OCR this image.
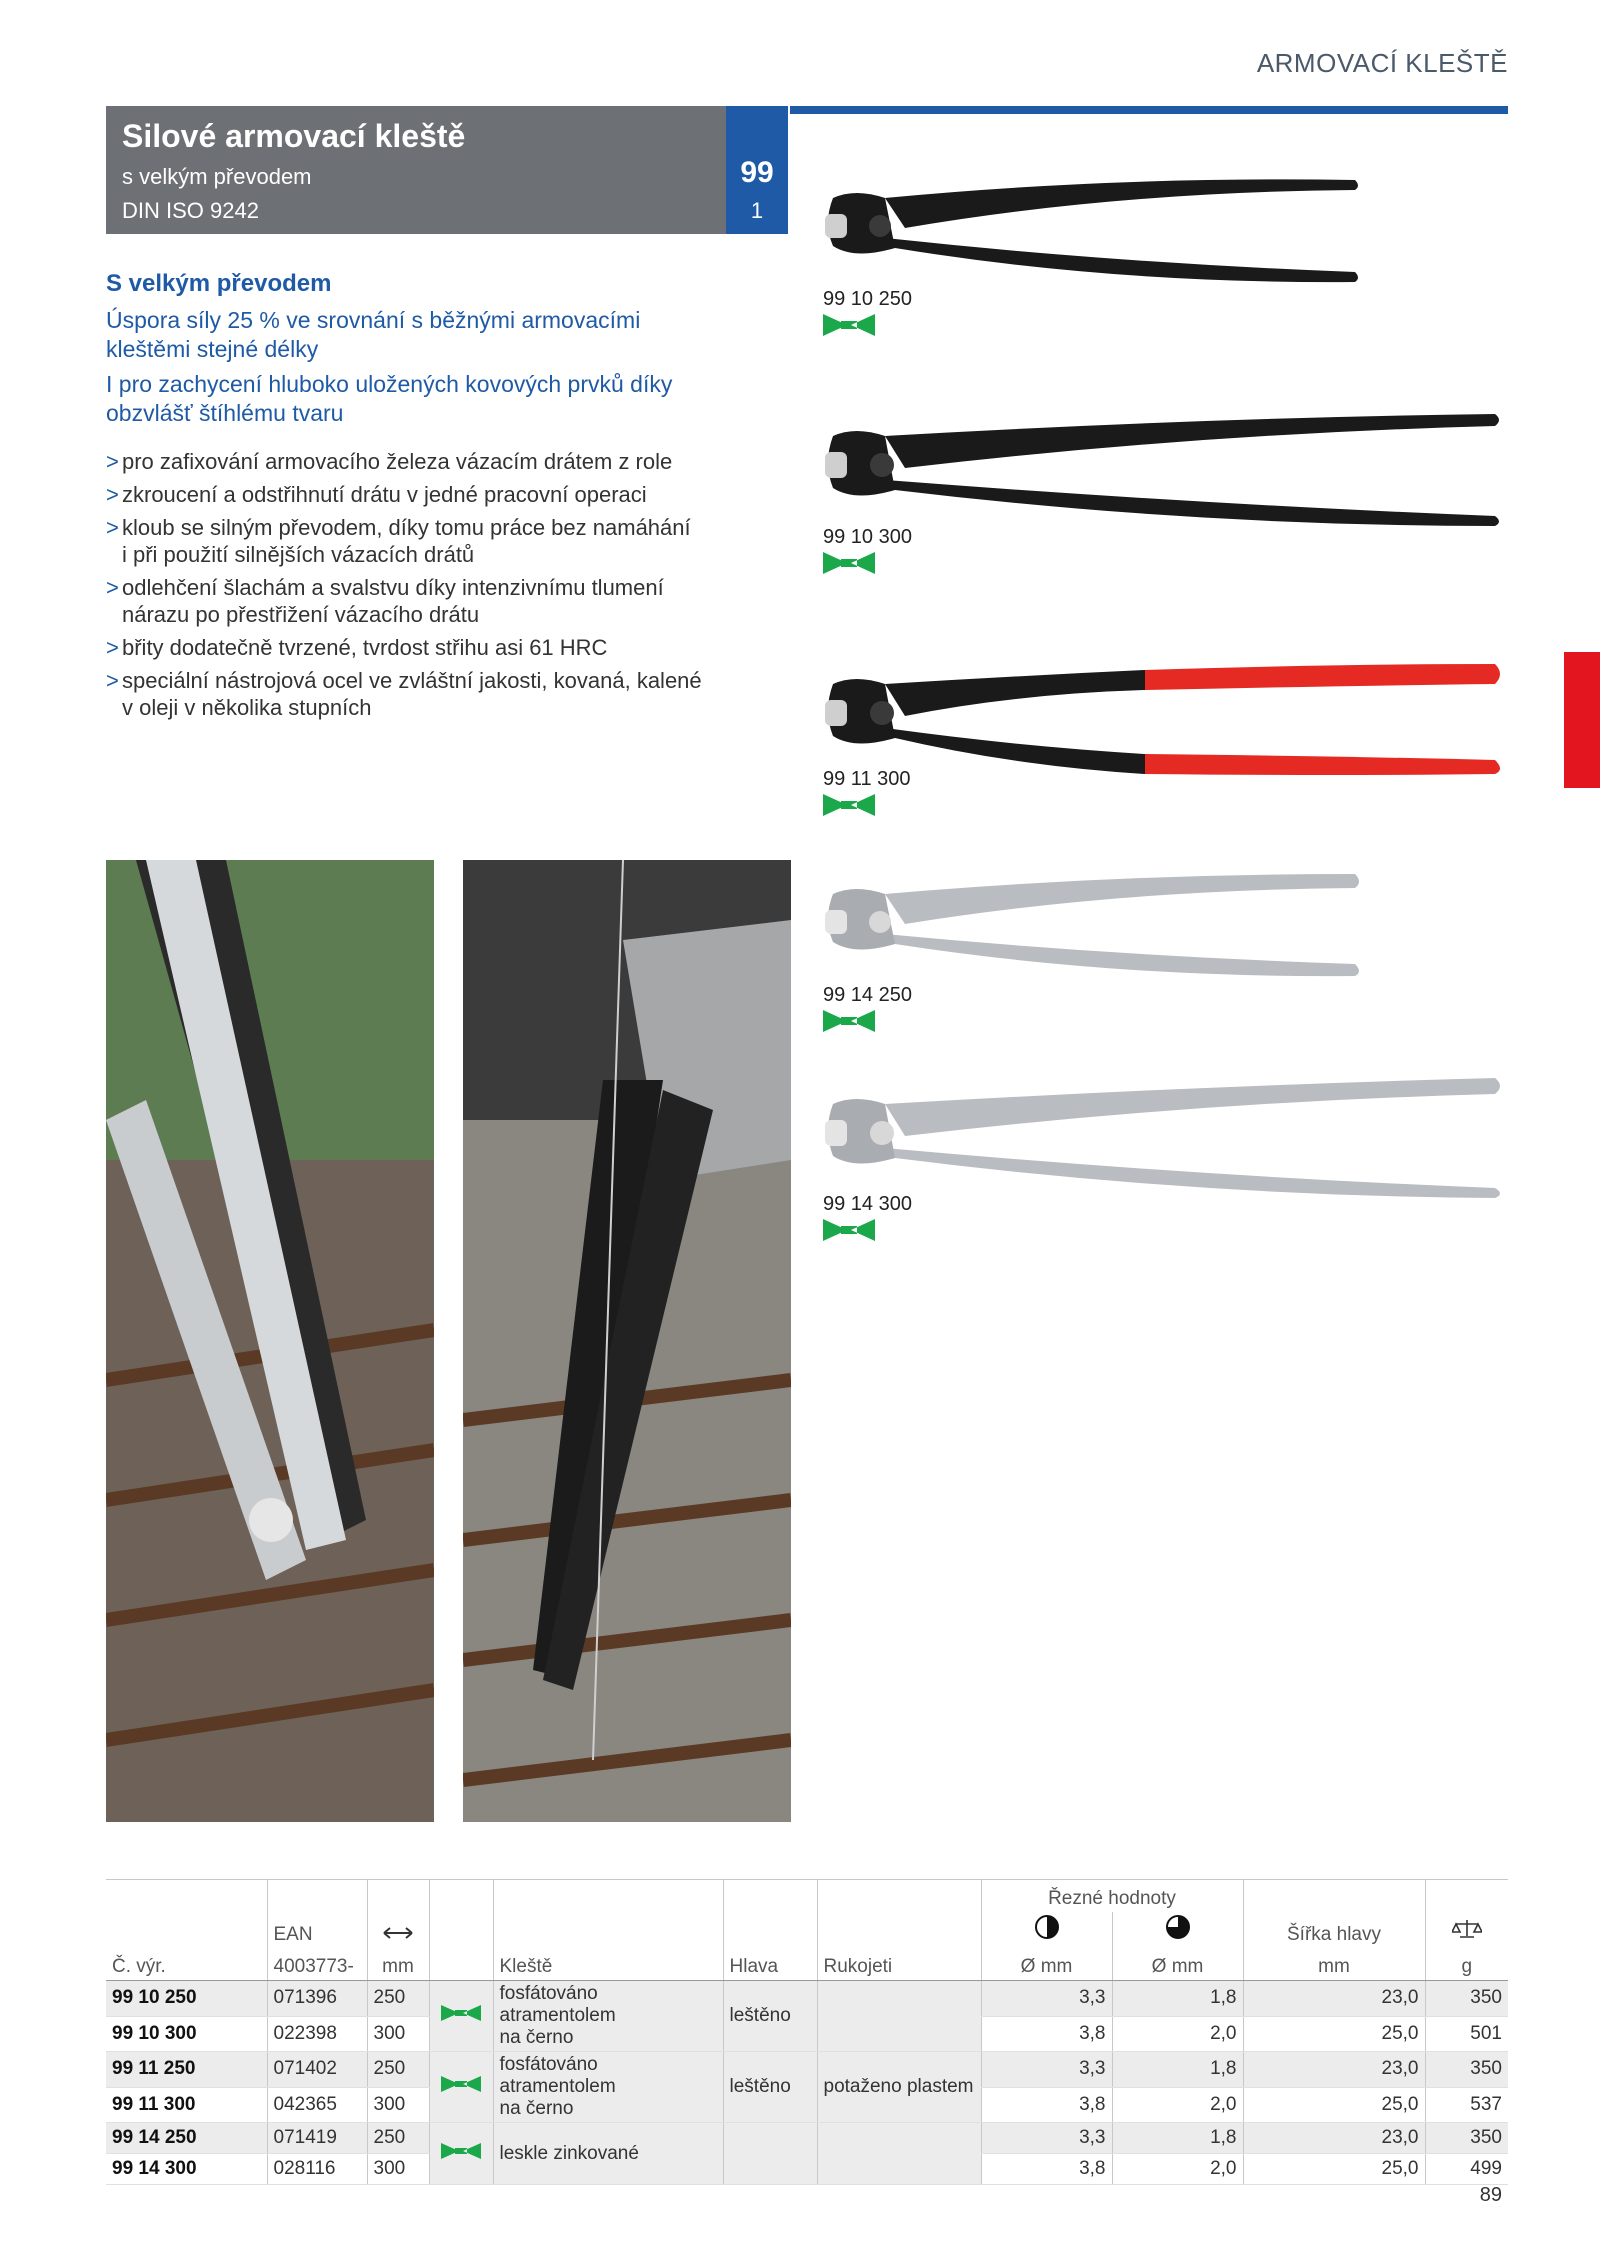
ARMOVACÍ KLEŠTĚ
Silové armovací kleště
s velkým převodem
DIN ISO 9242
99
1
S velkým převodem
Úspora síly 25 % ve srovnání s běžnými armovacími
kleštěmi stejné délky
I pro zachycení hluboko uložených kovových prvků díky
obzvlášť štíhlému tvaru
> pro zafixování armovacího železa vázacím drátem z role
> zkroucení a odstřihnutí drátu v jedné pracovní operaci
> kloub se silným převodem, díky tomu práce bez namáhání
i při použití silnějších vázacích drátů
> odlehčení šlachám a svalstvu díky intenzivnímu tlumení
nárazu po přestřižení vázacího drátu
> břity dodatečně tvrzené, tvrdost střihu asi 61 HRC
> speciální nástrojová ocel ve zvláštní jakosti, kovaná, kalené
v oleji v několika stupních
99 10 250
99 10 300
99 11 300
99 14 250
99 14 300
							Řezné hodnoty			
	EAN								Šířka hlavy	
Č. výr.	4003773-	mm		Kleště	Hlava	Rukojeti	Ø mm	Ø mm	mm	g
99 10 250	071396	250		fosfátováno atramentolem
na černo	leštěno		3,3	1,8	23,0	350
99 10 300	022398	300					3,8	2,0	25,0	501
99 11 250	071402	250		fosfátováno atramentolem
na černo	leštěno	potaženo plastem	3,3	1,8	23,0	350
99 11 300	042365	300					3,8	2,0	25,0	537
99 14 250	071419	250		leskle zinkované			3,3	1,8	23,0	350
99 14 300	028116	300					3,8	2,0	25,0	499
89
